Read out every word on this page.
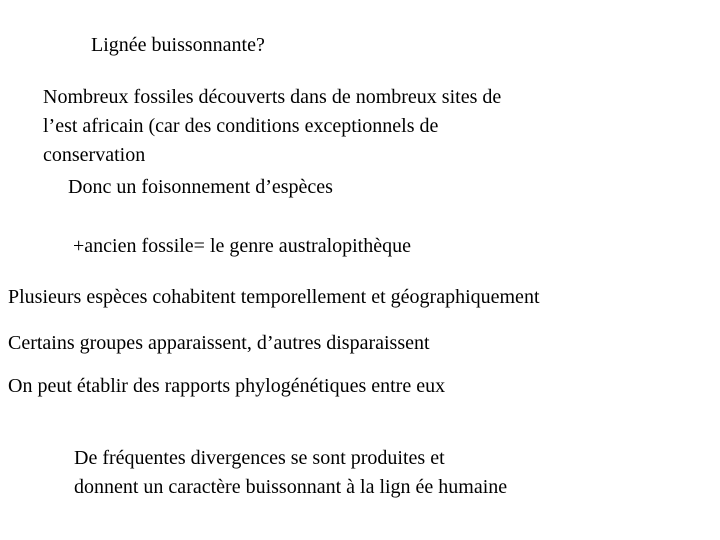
Lignée buissonnante?
Nombreux fossiles découverts dans de nombreux sites de
l’est africain (car des conditions exceptionnels de
conservation
Donc un foisonnement d’espèces
+ancien fossile= le genre australopithèque
Plusieurs espèces cohabitent temporellement et géographiquement
Certains groupes apparaissent, d’autres disparaissent
On peut établir des rapports phylogénétiques entre eux
De fréquentes divergences se sont produites et
donnent un caractère buissonnant à la lign ée humaine
